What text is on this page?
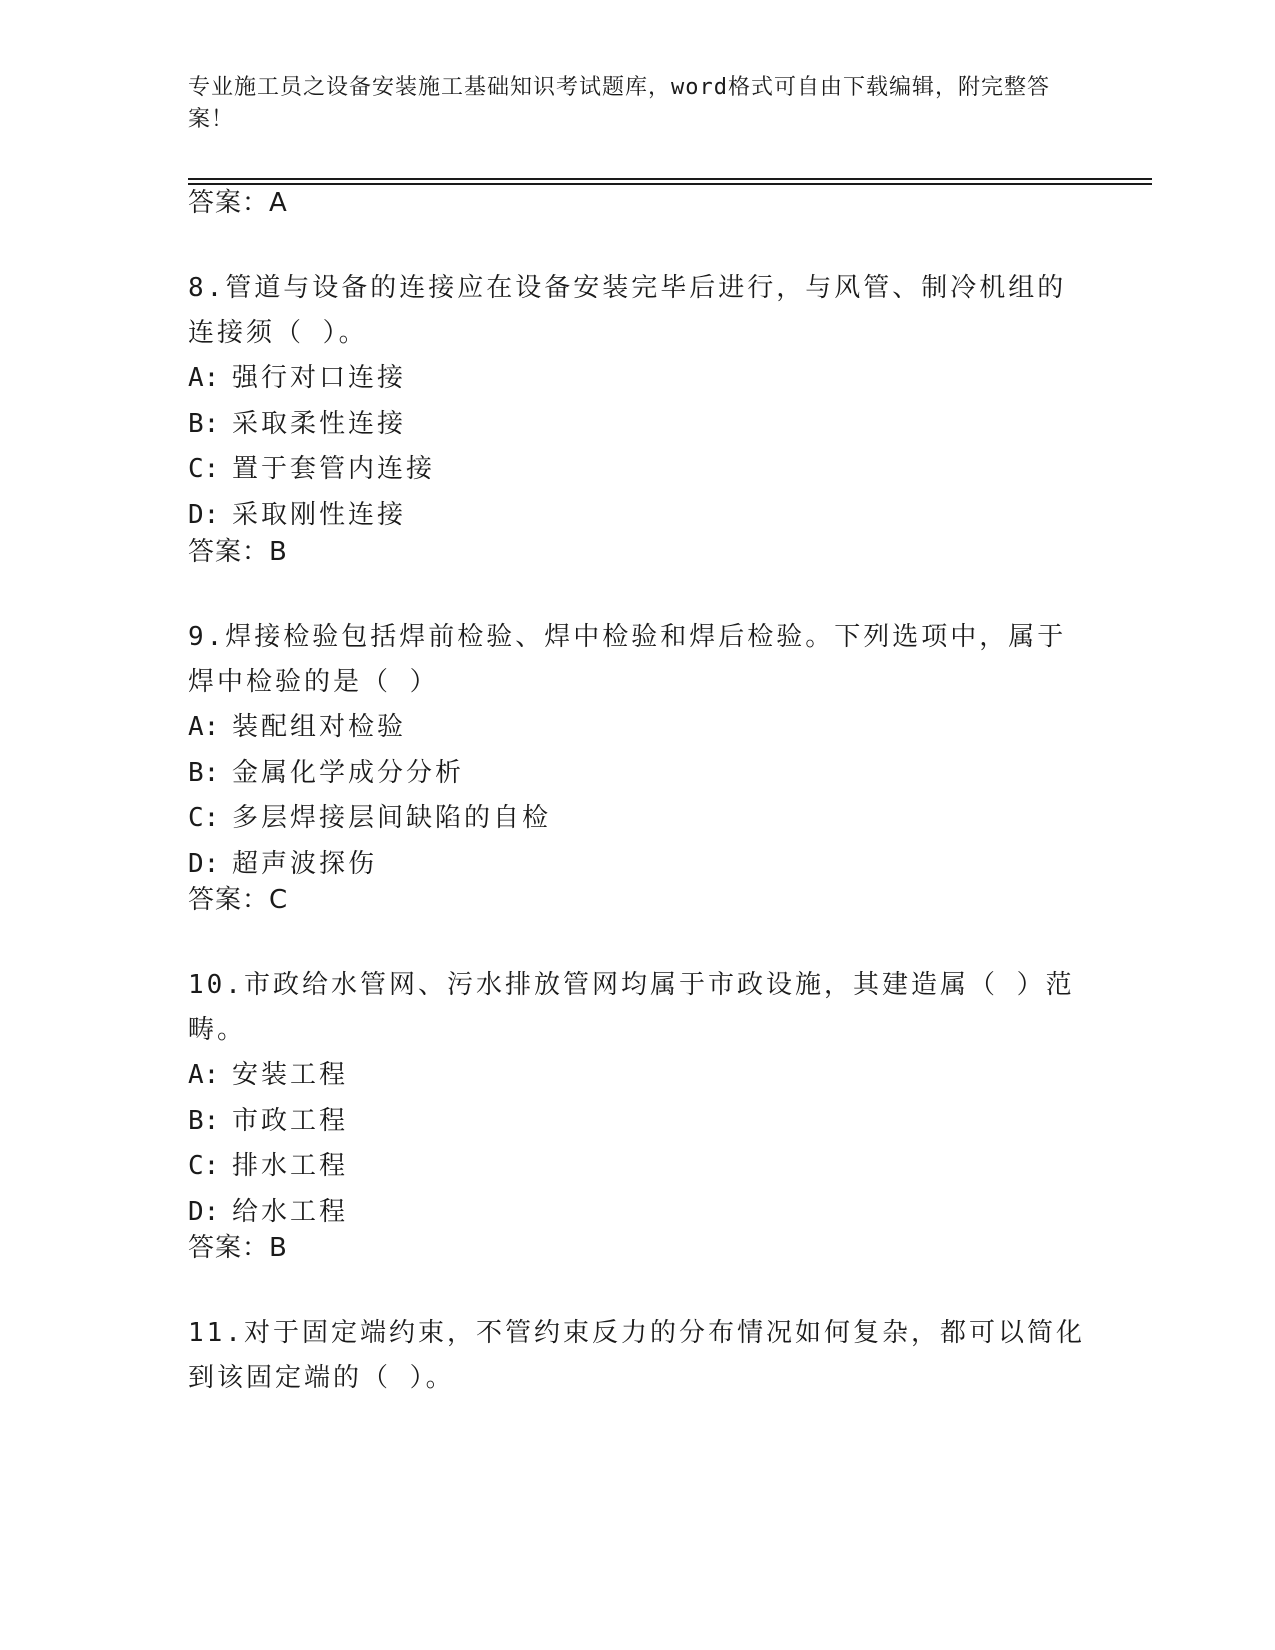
专业施工员之设备安装施工基础知识考试题库，word格式可自由下载编辑，附完整答案！
答案：A

8.管道与设备的连接应在设备安装完毕后进行，与风管、制冷机组的连接须（ ）。

A: 强行对口连接

B: 采取柔性连接

C: 置于套管内连接

D: 采取刚性连接

答案：B

9.焊接检验包括焊前检验、焊中检验和焊后检验。下列选项中，属于焊中检验的是（ ）

A: 装配组对检验

B: 金属化学成分分析

C: 多层焊接层间缺陷的自检

D: 超声波探伤

答案：C

10.市政给水管网、污水排放管网均属于市政设施，其建造属（ ）范畴。

A: 安装工程

B: 市政工程

C: 排水工程

D: 给水工程

答案：B

11.对于固定端约束，不管约束反力的分布情况如何复杂，都可以简化到该固定端的（ ）。
